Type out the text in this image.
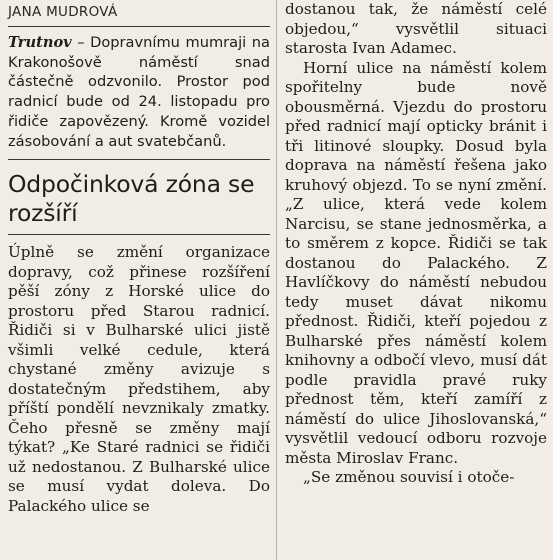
JANA MUDROVÁ

Trutnov – Dopravnímu mumraji na Krakonošově náměstí snad částečně odzvonilo. Prostor pod radnicí bude od 24. listopadu pro řidiče zapovězený. Kromě vozidel zásobování a aut svatebčanů.

Odpočinková zóna se rozšíří

Úplně se změní organizace dopravy, což přinese rozšíření pěší zóny z Horské ulice do prostoru před Starou radnicí. Řidiči si v Bulharské ulici jistě všimli velké cedule, která chystané změny avizuje s dostatečným předstihem, aby příští pondělí nevznikaly zmatky. Čeho přesně se změny mají týkat? „Ke Staré radnici se řidiči už nedostanou. Z Bulharské ulice se musí vydat doleva. Do Palackého ulice se

dostanou tak, že náměstí celé objedou,“ vysvětlil situaci starosta Ivan Adamec.

Horní ulice na náměstí kolem spořitelny bude nově obousměrná. Vjezdu do prostoru před radnicí mají opticky bránit i tři litinové sloupky. Dosud byla doprava na náměstí řešena jako kruhový objezd. To se nyní změní. „Z ulice, která vede kolem Narcisu, se stane jednosměrka, a to směrem z kopce. Řidiči se tak dostanou do Palackého. Z Havlíčkovy do náměstí nebudou tedy muset dávat nikomu přednost. Řidiči, kteří pojedou z Bulharské přes náměstí kolem knihovny a odbočí vlevo, musí dát podle pravidla pravé ruky přednost těm, kteří zamíří z náměstí do ulice Jihoslovanská,“ vysvětlil vedoucí odboru rozvoje města Miroslav Franc.

„Se změnou souvisí i otoče-
